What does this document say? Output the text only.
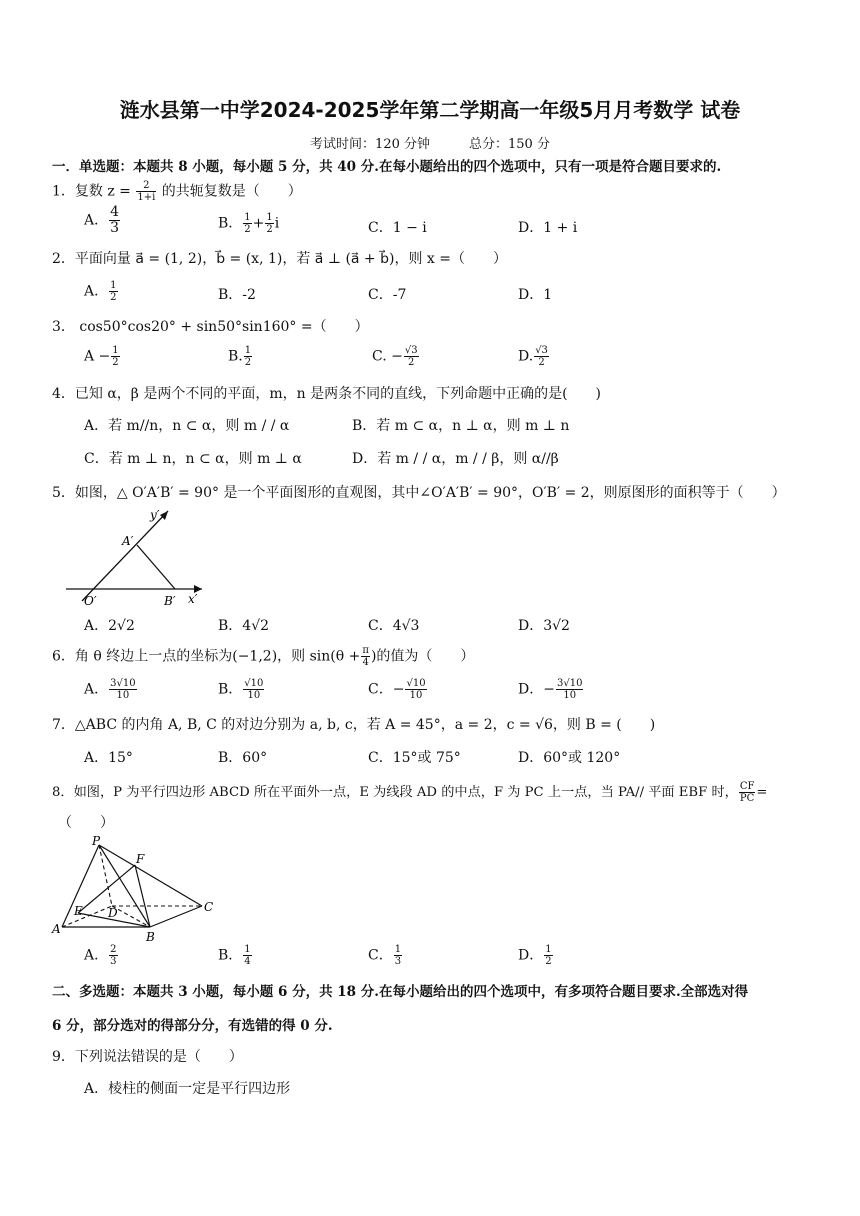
涟水县第一中学2024-2025学年第二学期高一年级5月月考数学 试卷
考试时间：120 分钟　　　总分：150 分
一．单选题：本题共 8 小题，每小题 5 分，共 40 分.在每小题给出的四个选项中，只有一项是符合题目要求的.
1．复数 $z = \frac{2}{1+i}$ 的共轭复数是（　　）
A． $\frac{4}{3}$	B． $\frac{1}{2} + \frac{1}{2}$ i	C．1 − i	D．1 + i
2．平面向量 a⃗ = (1, 2)，b⃗ = (x, 1)，若 a⃗ ⊥ (a⃗ + b⃗)，则 x =（　　）
A． $\frac{1}{2}$	B．-2	C．-7	D．1
3． cos50°cos20° + sin50°sin160° =（　　）
$A - \frac{1}{2}$	B. $\frac{1}{2}$	C. − $\frac{√3}{2}$	D. $\frac{√3}{2}$
4．已知 α，β 是两个不同的平面，m，n 是两条不同的直线，下列命题中正确的是(　　)
A．若 m//n，n ⊂ α，则 m / / α	B．若 m ⊂ α，n ⊥ α，则 m ⊥ n
C．若 m ⊥ n，n ⊂ α，则 m ⊥ α	D．若 m / / α，m / / β，则 α//β
5．如图，△ O′A′B′ = 90° 是一个平面图形的直观图，其中∠O′A′B′ = 90°，O′B′ = 2，则原图形的面积等于（　　）
y′
x′
A′
O′	B′
A．2√2	B．4√2	C．4√3	D．3√2
6．角 θ 终边上一点的坐标为(−1,2)，则 $\sin(\theta + \frac{\pi}{4}$ )的值为（　　）
A． $\frac{3√10}{10}$	B． $\frac{√10}{10}$	C．− $\frac{√10}{10}$	D．− $\frac{3√10}{10}$
7．△ABC 的内角 A, B, C 的对边分别为 a, b, c，若 A = 45°，a = 2，c = √6，则 B = (　　)
A．15°	B．60°	C．15°或 75°	D．60°或 120°
8．如图，P 为平行四边形 ABCD 所在平面外一点，E 为线段 AD 的中点，F 为 PC 上一点，当 PA// 平面 EBF 时， $\frac{CF}{PC}$ =
（　　）
P
F
E D	C
A
B
A． $\frac{2}{3}$	B． $\frac{1}{4}$	C． $\frac{1}{3}$	D． $\frac{1}{2}$
二、多选题：本题共 3 小题，每小题 6 分，共 18 分.在每小题给出的四个选项中，有多项符合题目要求.全部选对得
6 分，部分选对的得部分分，有选错的得 0 分.
9．下列说法错误的是（　　）
A．棱柱的侧面一定是平行四边形
